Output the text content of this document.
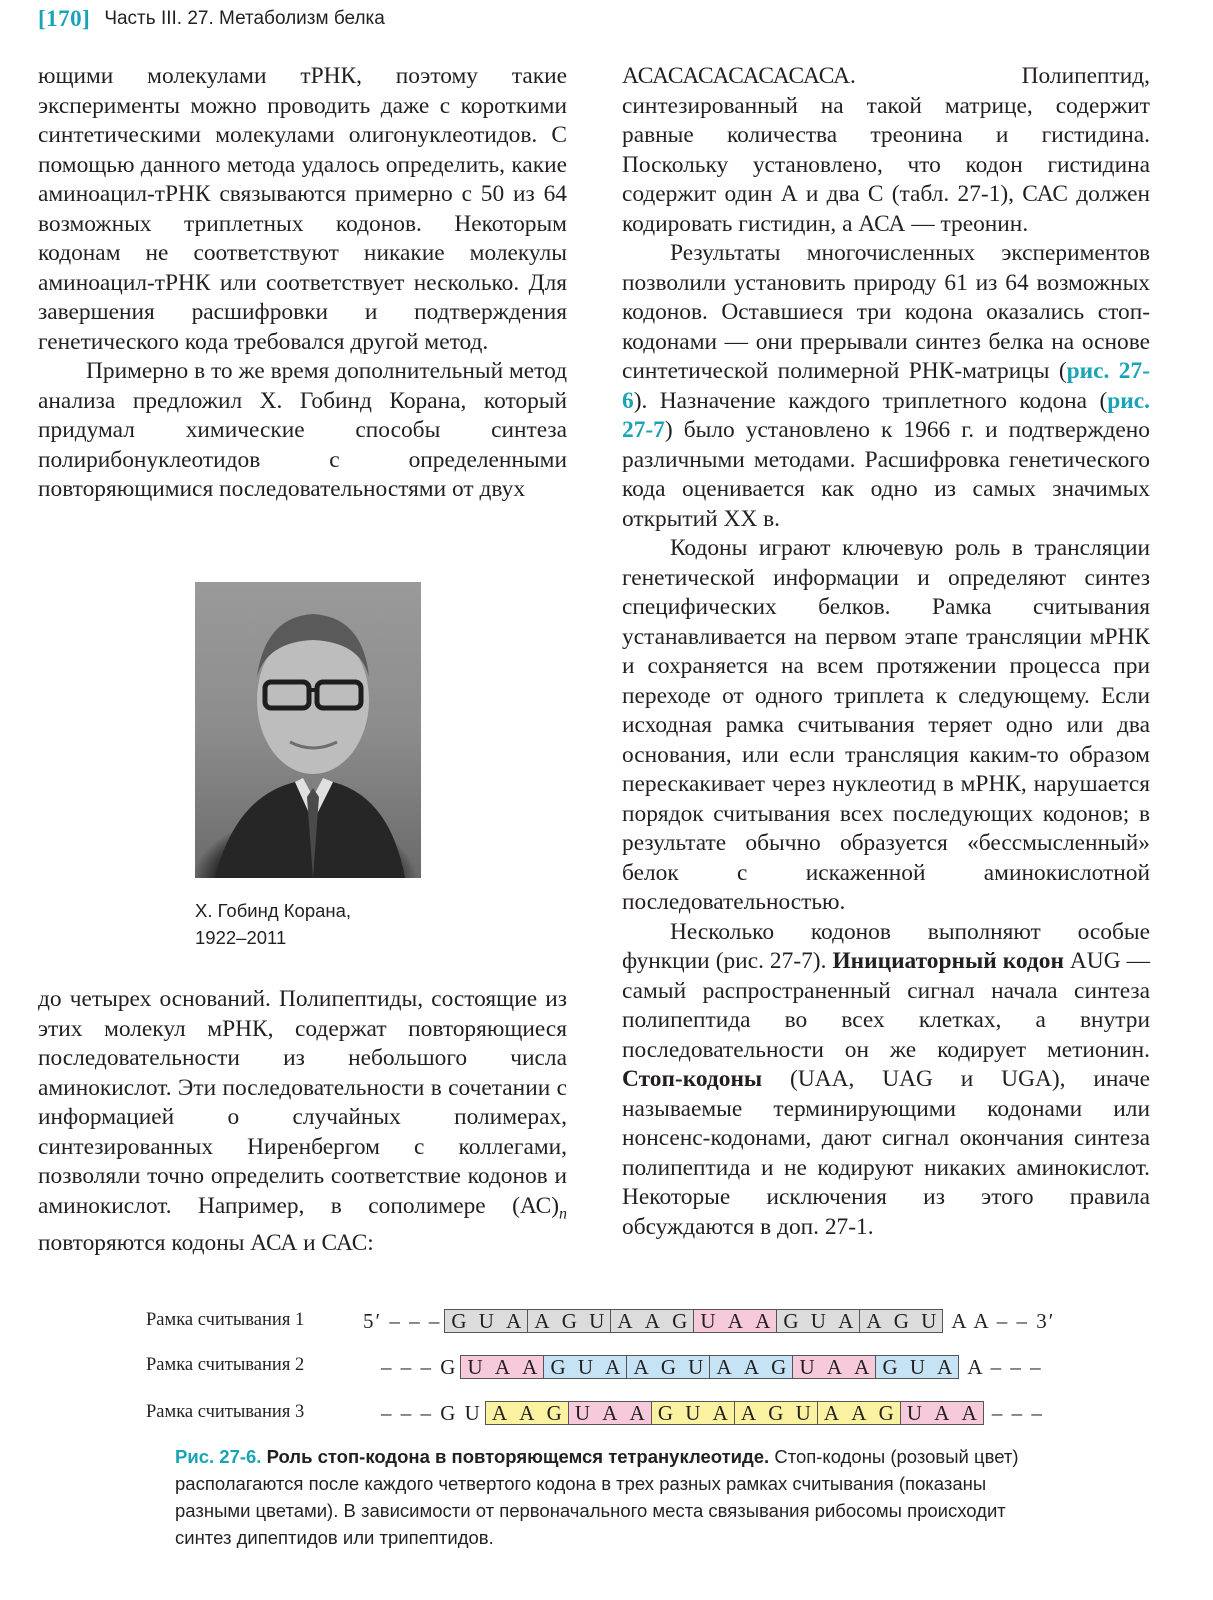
[170] Часть III. 27. Метаболизм белка

ющими молекулами тРНК, поэтому такие эксперименты можно проводить даже с короткими синтетическими молекулами олигонуклеотидов. С помощью данного метода удалось определить, какие аминоацил-тРНК связываются примерно с 50 из 64 возможных триплетных кодонов. Некоторым кодонам не соответствуют никакие молекулы аминоацил-тРНК или соответствует несколько. Для завершения расшифровки и подтверждения генетического кода требовался другой метод.

Примерно в то же время дополнительный метод анализа предложил Х. Гобинд Корана, который придумал химические способы синтеза полирибонуклеотидов с определенными повторяющимися последовательностями от двух

Х. Гобинд Корана,

1922–2011

до четырех оснований. Полипептиды, состоящие из этих молекул мРНК, содержат повторяющиеся последовательности из небольшого числа аминокислот. Эти последовательности в сочетании с информацией о случайных полимерах, синтезированных Ниренбергом с коллегами, позволяли точно определить соответствие кодонов и аминокислот. Например, в сополимере $(АС)_n$ повторяются кодоны АСА и САС:

АСАСАСАСАСАСАСА. Полипептид, синтезированный на такой матрице, содержит равные количества треонина и гистидина. Поскольку установлено, что кодон гистидина содержит один А и два С (табл. 27-1), САС должен кодировать гистидин, а АСА — треонин.

Результаты многочисленных экспериментов позволили установить природу 61 из 64 возможных кодонов. Оставшиеся три кодона оказались стоп-кодонами — они прерывали синтез белка на основе синтетической полимерной РНК-матрицы (рис. 27-6). Назначение каждого триплетного кодона (рис. 27-7) было установлено к 1966 г. и подтверждено различными методами. Расшифровка генетического кода оценивается как одно из самых значимых открытий XX в.

Кодоны играют ключевую роль в трансляции генетической информации и определяют синтез специфических белков. Рамка считывания устанавливается на первом этапе трансляции мРНК и сохраняется на всем протяжении процесса при переходе от одного триплета к следующему. Если исходная рамка считывания теряет одно или два основания, или если трансляция каким-то образом перескакивает через нуклеотид в мРНК, нарушается порядок считывания всех последующих кодонов; в результате обычно образуется «бессмысленный» белок с искаженной аминокислотной последовательностью.

Несколько кодонов выполняют особые функции (рис. 27-7). Инициаторный кодон AUG — самый распространенный сигнал начала синтеза полипептида во всех клетках, а внутри последовательности он же кодирует метионин. Стоп-кодоны (UAA, UAG и UGA), иначе называемые терминирующими кодонами или нонсенс-кодонами, дают сигнал окончания синтеза полипептида и не кодируют никаких аминокислот. Некоторые исключения из этого правила обсуждаются в доп. 27-1.

Рамка считывания 1
Рамка считывания 2
Рамка считывания 3
5′ – – – G U A A G U A A G U A A G U A A G U A A – – 3′
– – – G U A A G U A A G U A A G U A A G U A A – – –
– – – G U A A G U A A G U A A G U A A G U A A – – –

Рис. 27-6. Роль стоп-кодона в повторяющемся тетрануклеотиде. Стоп-кодоны (розовый цвет) располагаются после каждого четвертого кодона в трех разных рамках считывания (показаны разными цветами). В зависимости от первоначального места связывания рибосомы происходит синтез дипептидов или трипептидов.
